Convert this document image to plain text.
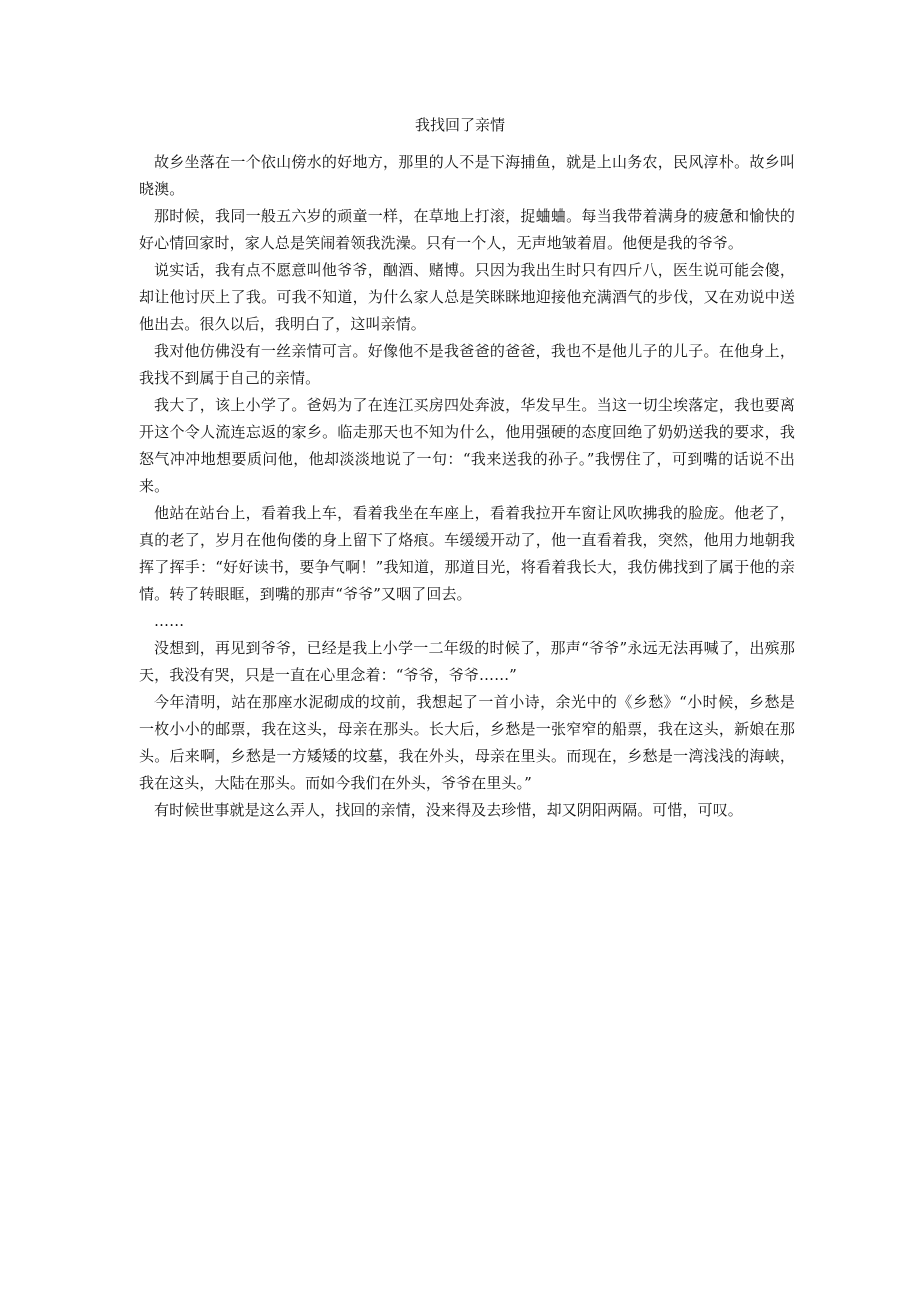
我找回了亲情

故乡坐落在一个依山傍水的好地方，那里的人不是下海捕鱼，就是上山务农，民风淳朴。故乡叫晓澳。

那时候，我同一般五六岁的顽童一样，在草地上打滚，捉蛐蛐。每当我带着满身的疲惫和愉快的好心情回家时，家人总是笑闹着领我洗澡。只有一个人，无声地皱着眉。他便是我的爷爷。

说实话，我有点不愿意叫他爷爷，酗酒、赌博。只因为我出生时只有四斤八，医生说可能会傻，却让他讨厌上了我。可我不知道，为什么家人总是笑眯眯地迎接他充满酒气的步伐，又在劝说中送他出去。很久以后，我明白了，这叫亲情。

我对他仿佛没有一丝亲情可言。好像他不是我爸爸的爸爸，我也不是他儿子的儿子。在他身上，我找不到属于自己的亲情。

我大了，该上小学了。爸妈为了在连江买房四处奔波，华发早生。当这一切尘埃落定，我也要离开这个令人流连忘返的家乡。临走那天也不知为什么，他用强硬的态度回绝了奶奶送我的要求，我怒气冲冲地想要质问他，他却淡淡地说了一句：“我来送我的孙子。”我愣住了，可到嘴的话说不出来。

他站在站台上，看着我上车，看着我坐在车座上，看着我拉开车窗让风吹拂我的脸庞。他老了，真的老了，岁月在他佝偻的身上留下了烙痕。车缓缓开动了，他一直看着我，突然，他用力地朝我挥了挥手：“好好读书，要争气啊！”我知道，那道目光，将看着我长大，我仿佛找到了属于他的亲情。转了转眼眶，到嘴的那声“爷爷”又咽了回去。

……

没想到，再见到爷爷，已经是我上小学一二年级的时候了，那声“爷爷”永远无法再喊了，出殡那天，我没有哭，只是一直在心里念着：“爷爷，爷爷……”

今年清明，站在那座水泥砌成的坟前，我想起了一首小诗，余光中的《乡愁》“小时候，乡愁是一枚小小的邮票，我在这头，母亲在那头。长大后，乡愁是一张窄窄的船票，我在这头，新娘在那头。后来啊，乡愁是一方矮矮的坟墓，我在外头，母亲在里头。而现在，乡愁是一湾浅浅的海峡，我在这头，大陆在那头。而如今我们在外头，爷爷在里头。”

有时候世事就是这么弄人，找回的亲情，没来得及去珍惜，却又阴阳两隔。可惜，可叹。
